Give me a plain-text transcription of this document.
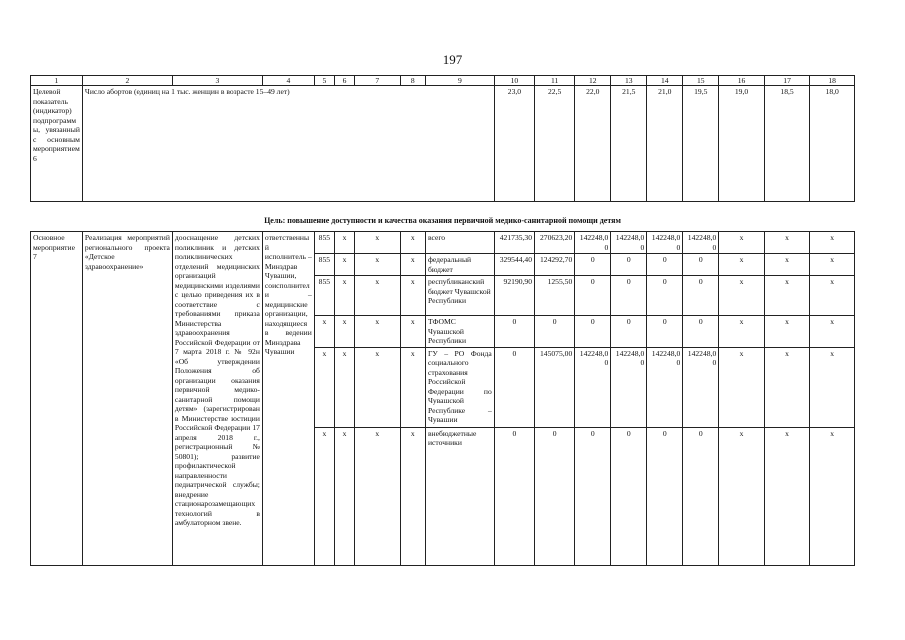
197
1	2	3	4	5	6	7	8	9	10	11	12	13	14	15	16	17	18
Целевой показатель (индикатор) подпрограммы, увязанный с основным мероприятием 6	Число абортов (единиц на 1 тыс. женщин в возрасте 15–49 лет)								23,0	22,5	22,0	21,5	21,0	19,5	19,0	18,5	18,0
Цель: повышение доступности и качества оказания первичной медико-санитарной помощи детям																	
Основное мероприятие 7	Реализация мероприятий регионального проекта «Детское здравоохранение»	дооснащение детских поликлиник и детских поликлинических отделений медицинских организаций медицинскими изделиями с целью приведения их в соответствие с требованиями приказа Министерства здравоохранения Российской Федерации от 7 марта 2018 г. № 92н «Об утверждении Положения об организации оказания первичной медико-санитарной помощи детям» (зарегистрирован в Министерстве юстиции Российской Федерации 17 апреля 2018 г., регистрационный № 50801); развитие профилактической направленности педиатрической службы; внедрение стационарозамещающих технологий в амбулаторном звене.	ответственный исполнитель – Минздрав Чувашии, соисполнители – медицинские организации, находящиеся в ведении Минздрава Чувашии	855	x	x	x	всего	421735,30	270623,20	142248,00	142248,00	142248,00	142248,00	x	x	x
				855	x	x	x	федеральный бюджет	329544,40	124292,70	0	0	0	0	x	x	x
				855	x	x	x	республиканский бюджет Чувашской Республики	92190,90	1255,50	0	0	0	0	x	x	x
				x	x	x	x	ТФОМС Чувашской Республики	0	0	0	0	0	0	x	x	x
				x	x	x	x	ГУ – РО Фонда социального страхования Российской Федерации по Чувашской Республике – Чувашии	0	145075,00	142248,00	142248,00	142248,00	142248,00	x	x	x
				x	x	x	x	внебюджетные источники	0	0	0	0	0	0	x	x	x
